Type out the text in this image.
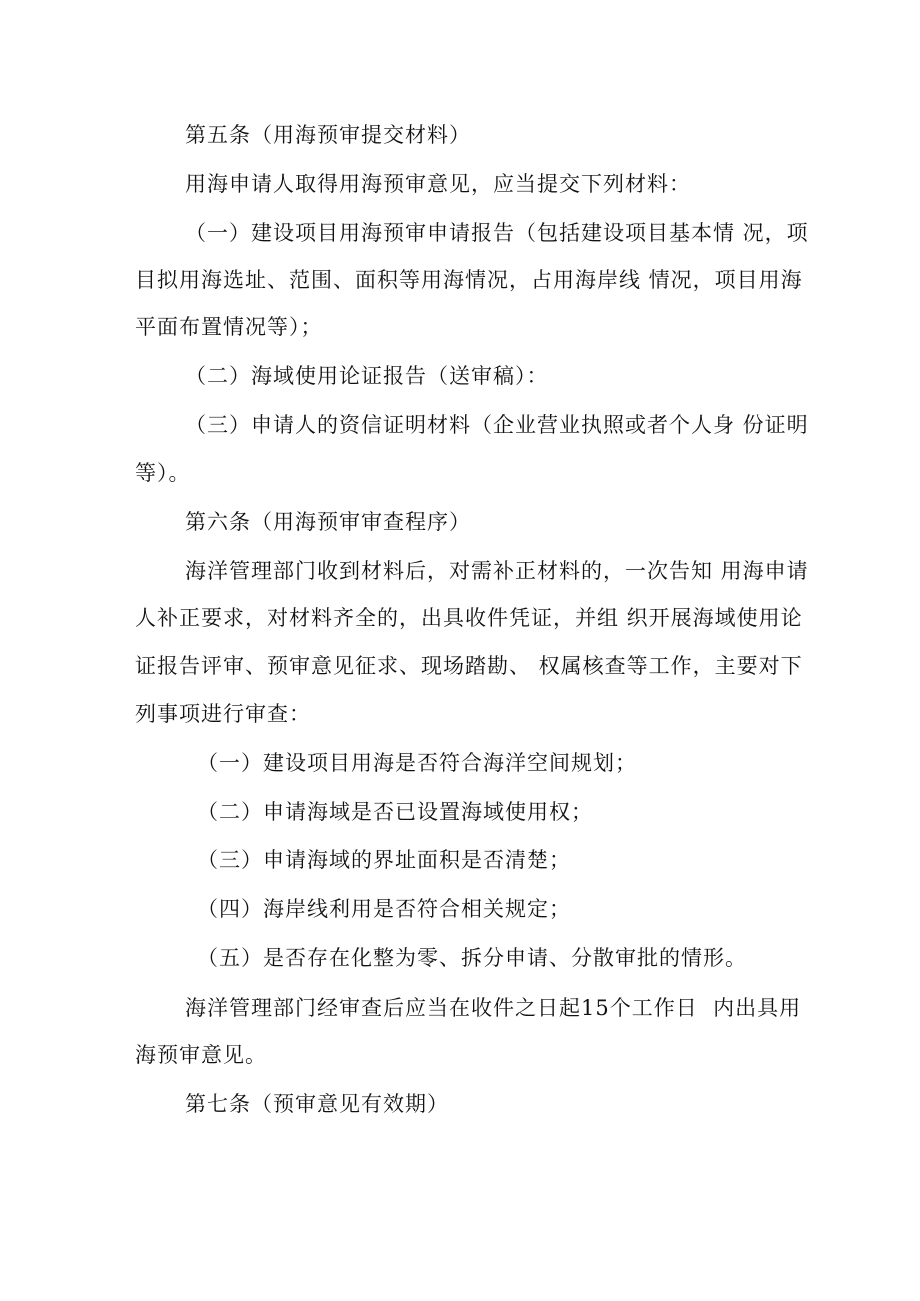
第五条（用海预审提交材料）
用海申请人取得用海预审意见，应当提交下列材料：
（一）建设项目用海预审申请报告（包括建设项目基本情 况，项
目拟用海选址、范围、面积等用海情况，占用海岸线 情况，项目用海
平面布置情况等）；
（二）海域使用论证报告（送审稿）：
（三）申请人的资信证明材料（企业营业执照或者个人身 份证明
等）。
第六条（用海预审审查程序）
海洋管理部门收到材料后，对需补正材料的，一次告知 用海申请
人补正要求，对材料齐全的，出具收件凭证，并组 织开展海域使用论
证报告评审、预审意见征求、现场踏勘、 权属核查等工作，主要对下
列事项进行审查：
（一）建设项目用海是否符合海洋空间规划；
（二）申请海域是否已设置海域使用权；
（三）申请海域的界址面积是否清楚；
（四）海岸线利用是否符合相关规定；
（五）是否存在化整为零、拆分申请、分散审批的情形。
海洋管理部门经审查后应当在收件之日起15个工作日  内出具用
海预审意见。
第七条（预审意见有效期）
